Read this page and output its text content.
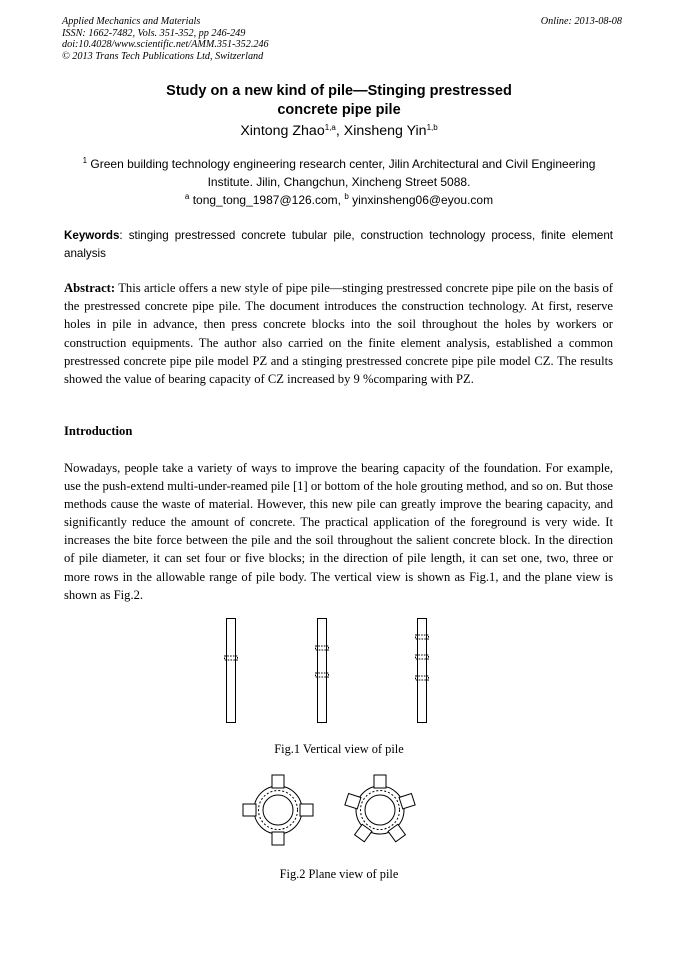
Applied Mechanics and Materials
ISSN: 1662-7482, Vols. 351-352, pp 246-249
doi:10.4028/www.scientific.net/AMM.351-352.246
© 2013 Trans Tech Publications Ltd, Switzerland
Online: 2013-08-08
Study on a new kind of pile—Stinging prestressed
concrete pipe pile
Xintong Zhao$^{1,a}$, Xinsheng Yin$^{1,b}$
$^1$ Green building technology engineering research center, Jilin Architectural and Civil Engineering
Institute. Jilin, Changchun, Xincheng Street 5088.
$^a$ tong_tong_1987@126.com, $^b$ yinxinsheng06@eyou.com
Keywords: stinging prestressed concrete tubular pile, construction technology process, finite element analysis
Abstract: This article offers a new style of pipe pile—stinging prestressed concrete pipe pile on the basis of the prestressed concrete pipe pile. The document introduces the construction technology. At first, reserve holes in pile in advance, then press concrete blocks into the soil throughout the holes by workers or construction equipments. The author also carried on the finite element analysis, established a common prestressed concrete pipe pile model PZ and a stinging prestressed concrete pipe pile model CZ. The results showed the value of bearing capacity of CZ increased by 9 %comparing with PZ.
Introduction
Nowadays, people take a variety of ways to improve the bearing capacity of the foundation. For example, use the push-extend multi-under-reamed pile [1] or bottom of the hole grouting method, and so on. But those methods cause the waste of material. However, this new pile can greatly improve the bearing capacity, and significantly reduce the amount of concrete. The practical application of the foreground is very wide. It increases the bite force between the pile and the soil throughout the salient concrete block. In the direction of pile diameter, it can set four or five blocks; in the direction of pile length, it can set one, two, three or more rows in the allowable range of pile body. The vertical view is shown as Fig.1, and the plane view is shown as Fig.2.
Fig.1 Vertical view of pile
Fig.2 Plane view of pile
